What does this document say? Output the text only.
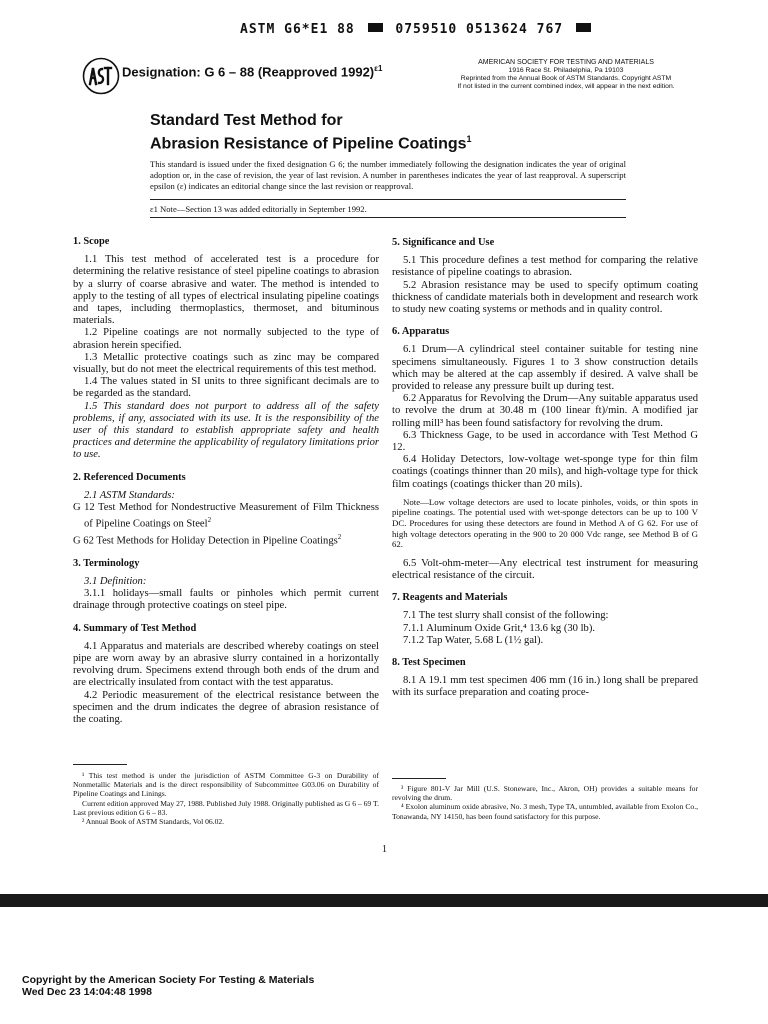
ASTM G6*E1 88	0759510 0513624 767
Designation: G 6 – 88 (Reapproved 1992)$^{\varepsilon 1}$
AMERICAN SOCIETY FOR TESTING AND MATERIALS
1916 Race St. Philadelphia, Pa 19103
Reprinted from the Annual Book of ASTM Standards. Copyright ASTM
If not listed in the current combined index, will appear in the next edition.
Standard Test Method for
Abrasion Resistance of Pipeline Coatings$^1$
This standard is issued under the fixed designation G 6; the number immediately following the designation indicates the year of original adoption or, in the case of revision, the year of last revision. A number in parentheses indicates the year of last reapproval. A superscript epsilon (ε) indicates an editorial change since the last revision or reapproval.
ε1 Note—Section 13 was added editorially in September 1992.
1. Scope

1.1 This test method of accelerated test is a procedure for determining the relative resistance of steel pipeline coatings to abrasion by a slurry of coarse abrasive and water. The method is intended to apply to the testing of all types of electrical insulating pipeline coatings and tapes, including thermoplastics, thermoset, and bituminous materials.

1.2 Pipeline coatings are not normally subjected to the type of abrasion herein specified.

1.3 Metallic protective coatings such as zinc may be compared visually, but do not meet the electrical requirements of this test method.

1.4 The values stated in SI units to three significant decimals are to be regarded as the standard.

1.5 This standard does not purport to address all of the safety problems, if any, associated with its use. It is the responsibility of the user of this standard to establish appropriate safety and health practices and determine the applicability of regulatory limitations prior to use.

2. Referenced Documents

2.1 ASTM Standards:

G 12 Test Method for Nondestructive Measurement of Film Thickness of Pipeline Coatings on Steel$^2$

G 62 Test Methods for Holiday Detection in Pipeline Coatings$^2$

3. Terminology

3.1 Definition:

3.1.1 holidays—small faults or pinholes which permit current drainage through protective coatings on steel pipe.

4. Summary of Test Method

4.1 Apparatus and materials are described whereby coatings on steel pipe are worn away by an abrasive slurry contained in a horizontally revolving drum. Specimens extend through both ends of the drum and are electrically insulated from contact with the test apparatus.

4.2 Periodic measurement of the electrical resistance between the specimen and the drum indicates the degree of abrasion resistance of the coating.

¹ This test method is under the jurisdiction of ASTM Committee G-3 on Durability of Nonmetallic Materials and is the direct responsibility of Subcommittee G03.06 on Durability of Pipeline Coatings and Linings.

Current edition approved May 27, 1988. Published July 1988. Originally published as G 6 – 69 T. Last previous edition G 6 – 83.

² Annual Book of ASTM Standards, Vol 06.02.

5. Significance and Use

5.1 This procedure defines a test method for comparing the relative resistance of pipeline coatings to abrasion.

5.2 Abrasion resistance may be used to specify optimum coating thickness of candidate materials both in development and research work to study new coating systems or methods and in quality control.

6. Apparatus

6.1 Drum—A cylindrical steel container suitable for testing nine specimens simultaneously. Figures 1 to 3 show construction details which may be altered at the cap assembly if desired. A valve shall be provided to release any pressure built up during test.

6.2 Apparatus for Revolving the Drum—Any suitable apparatus used to revolve the drum at 30.48 m (100 linear ft)/min. A modified jar rolling mill³ has been found satisfactory for revolving the drum.

6.3 Thickness Gage, to be used in accordance with Test Method G 12.

6.4 Holiday Detectors, low-voltage wet-sponge type for thin film coatings (coatings thinner than 20 mils), and high-voltage type for thick film coatings (coatings thicker than 20 mils).

Note—Low voltage detectors are used to locate pinholes, voids, or thin spots in pipeline coatings. The potential used with wet-sponge detectors can be up to 100 V DC. Procedures for using these detectors are found in Method A of G 62. For use of high voltage detectors operating in the 900 to 20 000 Vdc range, see Method B of G 62.

6.5 Volt-ohm-meter—Any electrical test instrument for measuring electrical resistance of the circuit.

7. Reagents and Materials

7.1 The test slurry shall consist of the following:

7.1.1 Aluminum Oxide Grit,⁴ 13.6 kg (30 lb).

7.1.2 Tap Water, 5.68 L (1½ gal).

8. Test Specimen

8.1 A 19.1 mm test specimen 406 mm (16 in.) long shall be prepared with its surface preparation and coating proce-

³ Figure 801-V Jar Mill (U.S. Stoneware, Inc., Akron, OH) provides a suitable means for revolving the drum.

⁴ Exolon aluminum oxide abrasive, No. 3 mesh, Type TA, untumbled, available from Exolon Co., Tonawanda, NY 14150, has been found satisfactory for this purpose.

1
Copyright by the American Society For Testing & Materials
Wed Dec 23 14:04:48 1998
